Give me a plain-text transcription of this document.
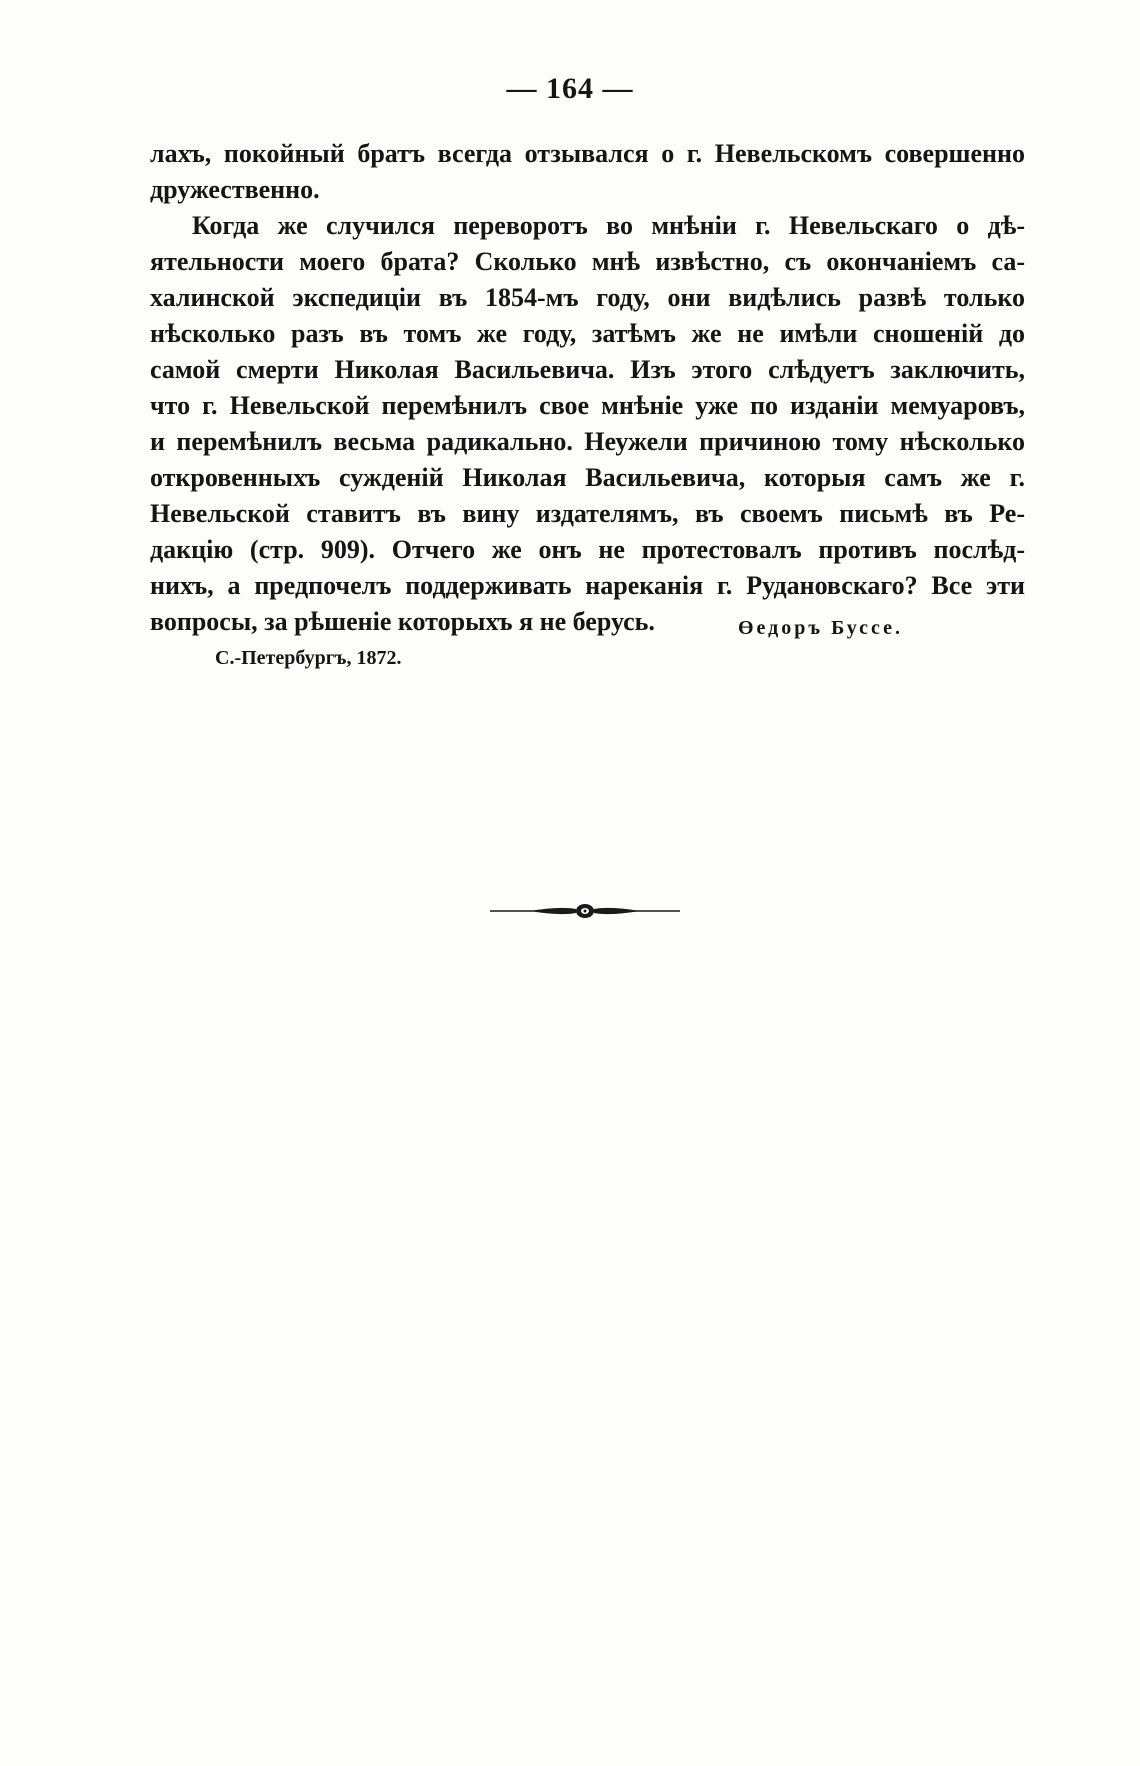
— 164 —
лахъ, покойный братъ всегда отзывался о г. Невельскомъ совершенно
дружественно.
Когда же случился переворотъ во мнѣніи г. Невельскаго о дѣ-
ятельности моего брата? Сколько мнѣ извѣстно, съ окончаніемъ са-
халинской экспедиціи въ 1854-мъ году, они видѣлись развѣ только
нѣсколько разъ въ томъ же году, затѣмъ же не имѣли сношеній до
самой смерти Николая Васильевича. Изъ этого слѣдуетъ заключить,
что г. Невельской перемѣнилъ свое мнѣніе уже по изданіи мемуаровъ,
и перемѣнилъ весьма радикально. Неужели причиною тому нѣсколько
откровенныхъ сужденій Николая Васильевича, которыя самъ же г.
Невельской ставитъ въ вину издателямъ, въ своемъ письмѣ въ Ре-
дакцію (стр. 909). Отчего же онъ не протестовалъ противъ послѣд-
нихъ, а предпочелъ поддерживать нареканія г. Рудановскаго? Все эти
вопросы, за рѣшеніе которыхъ я не берусь.	Өедоръ Буссе.
С.-Петербургъ, 1872.
